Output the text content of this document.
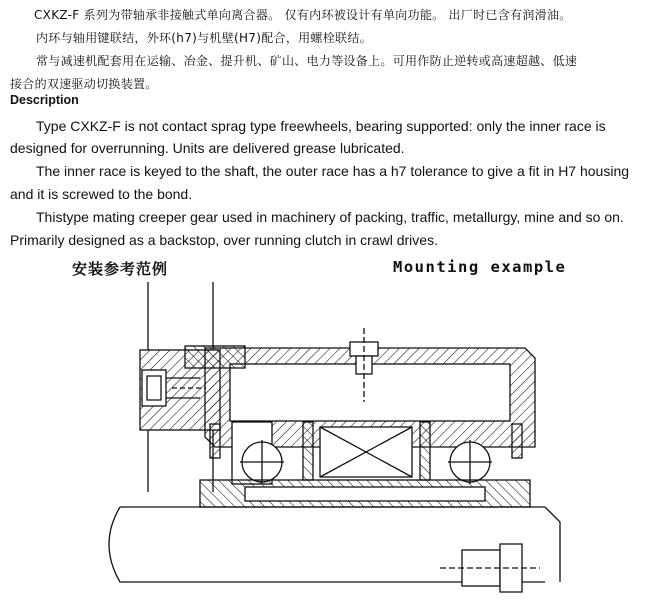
CXKZ-F 系列为带轴承非接触式单向离合器。 仅有内环被设计有单向功能。 出厂时已含有润滑油。
内环与轴用键联结，外环(h7)与机壁(H7)配合，用螺栓联结。
常与减速机配套用在运输、冶金、提升机、矿山、电力等设备上。可用作防止逆转或高速超越、低速
接合的双速驱动切换装置。
Description
Type CXKZ-F is not contact sprag type freewheels, bearing supported: only the inner race is
designed for overrunning. Units are delivered grease lubricated.
The inner race is keyed to the shaft, the outer race has a h7 tolerance to give a fit in H7 housing
and it is screwed to the bond.
Thistype mating creeper gear used in machinery of packing, traffic, metallurgy, mine and so on.
Primarily designed as a backstop, over running clutch in crawl drives.
安装参考范例	Mounting example
